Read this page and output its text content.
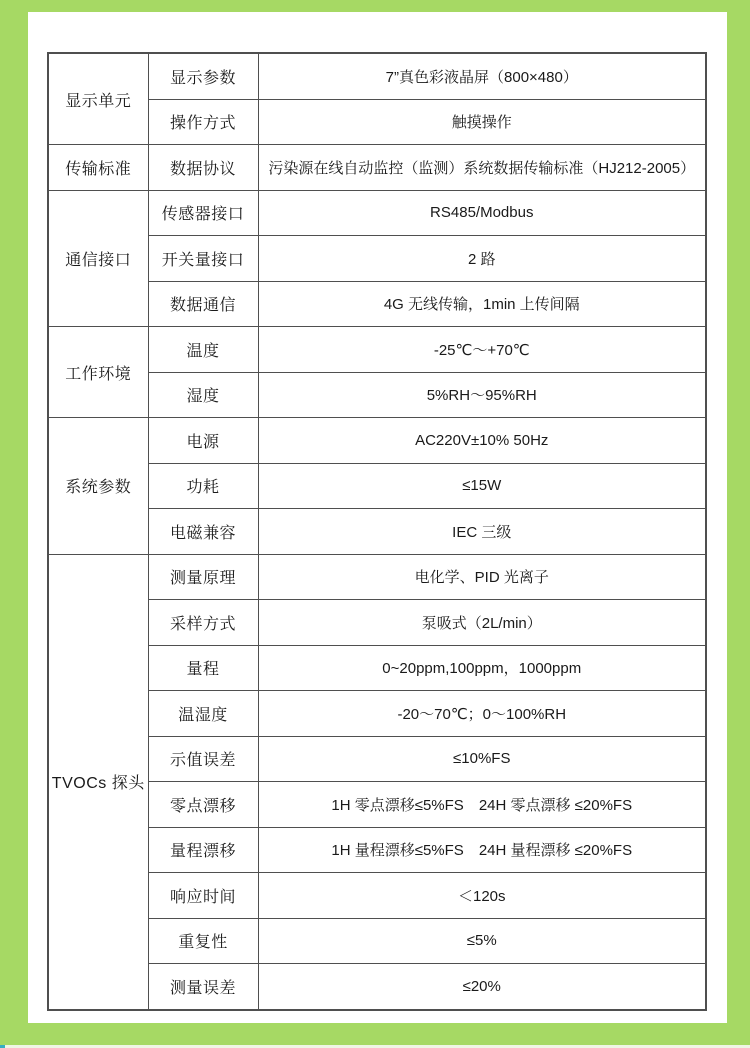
显示单元	显示参数	7”真色彩液晶屏（800×480）
	操作方式	触摸操作
传输标准	数据协议	污染源在线自动监控（监测）系统数据传输标准（HJ212-2005）
通信接口	传感器接口	RS485/Modbus
	开关量接口	2 路
	数据通信	4G 无线传输，1min 上传间隔
工作环境	温度	-25℃～+70℃
	湿度	5%RH～95%RH
系统参数	电源	AC220V±10% 50Hz
	功耗	≤15W
	电磁兼容	IEC 三级
TVOCs 探头	测量原理	电化学、PID 光离子
	采样方式	泵吸式（2L/min）
	量程	0~20ppm,100ppm，1000ppm
	温湿度	-20～70℃；0～100%RH
	示值误差	≤10%FS
	零点漂移	1H 零点漂移≤5%FS　24H 零点漂移 ≤20%FS
	量程漂移	1H 量程漂移≤5%FS　24H 量程漂移 ≤20%FS
	响应时间	＜120s
	重复性	≤5%
	测量误差	≤20%
